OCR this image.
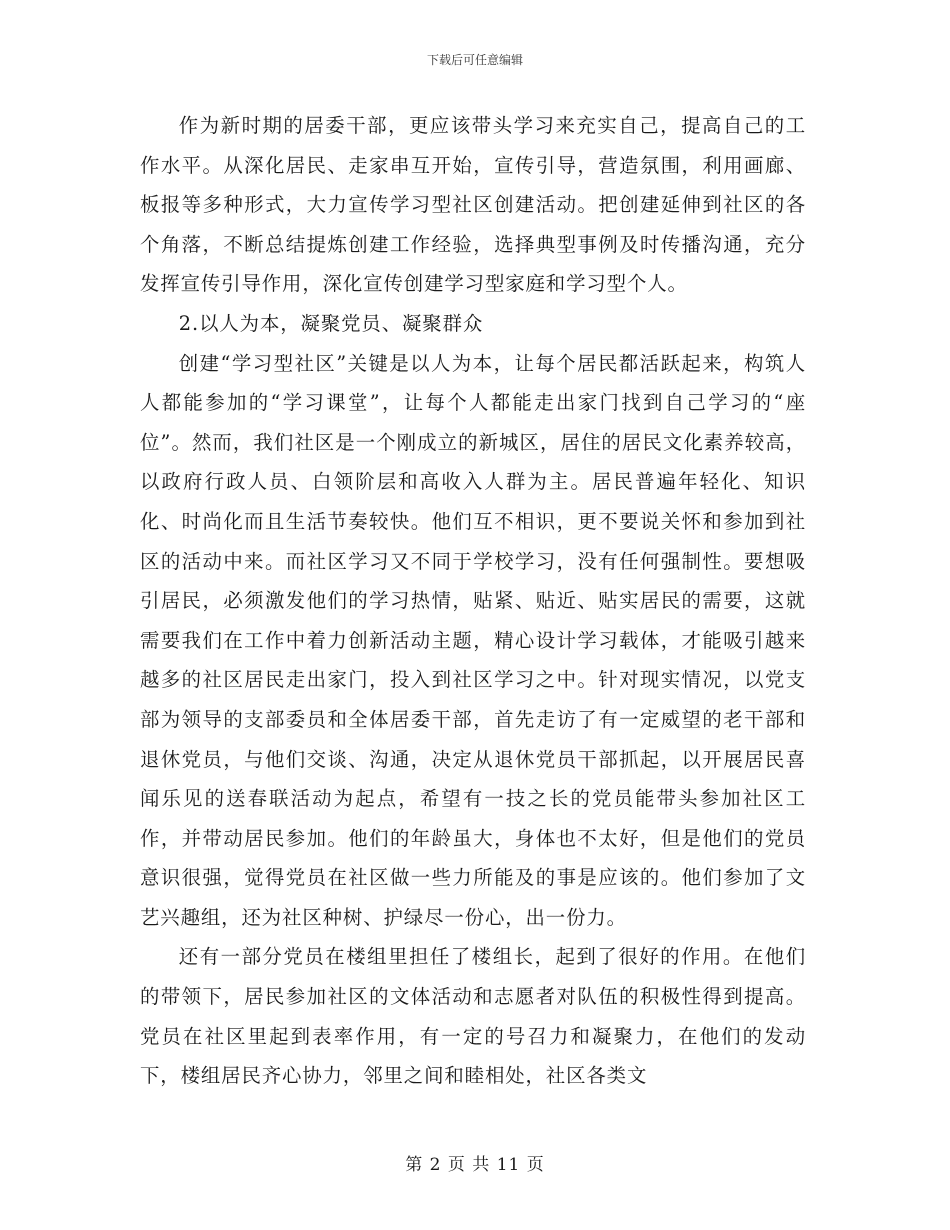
下载后可任意编辑

作为新时期的居委干部，更应该带头学习来充实自己，提高自己的工作水平。从深化居民、走家串互开始，宣传引导，营造氛围，利用画廊、板报等多种形式，大力宣传学习型社区创建活动。把创建延伸到社区的各个角落，不断总结提炼创建工作经验，选择典型事例及时传播沟通，充分发挥宣传引导作用，深化宣传创建学习型家庭和学习型个人。

2.以人为本，凝聚党员、凝聚群众

创建“学习型社区”关键是以人为本，让每个居民都活跃起来，构筑人人都能参加的“学习课堂”，让每个人都能走出家门找到自己学习的“座位”。然而，我们社区是一个刚成立的新城区，居住的居民文化素养较高，以政府行政人员、白领阶层和高收入人群为主。居民普遍年轻化、知识化、时尚化而且生活节奏较快。他们互不相识，更不要说关怀和参加到社区的活动中来。而社区学习又不同于学校学习，没有任何强制性。要想吸引居民，必须激发他们的学习热情，贴紧、贴近、贴实居民的需要，这就需要我们在工作中着力创新活动主题，精心设计学习载体，才能吸引越来越多的社区居民走出家门，投入到社区学习之中。针对现实情况，以党支部为领导的支部委员和全体居委干部，首先走访了有一定威望的老干部和退休党员，与他们交谈、沟通，决定从退休党员干部抓起，以开展居民喜闻乐见的送春联活动为起点，希望有一技之长的党员能带头参加社区工作，并带动居民参加。他们的年龄虽大，身体也不太好，但是他们的党员意识很强，觉得党员在社区做一些力所能及的事是应该的。他们参加了文艺兴趣组，还为社区种树、护绿尽一份心，出一份力。

还有一部分党员在楼组里担任了楼组长，起到了很好的作用。在他们的带领下，居民参加社区的文体活动和志愿者对队伍的积极性得到提高。党员在社区里起到表率作用，有一定的号召力和凝聚力，在他们的发动下，楼组居民齐心协力，邻里之间和睦相处，社区各类文

第 2 页 共 11 页
